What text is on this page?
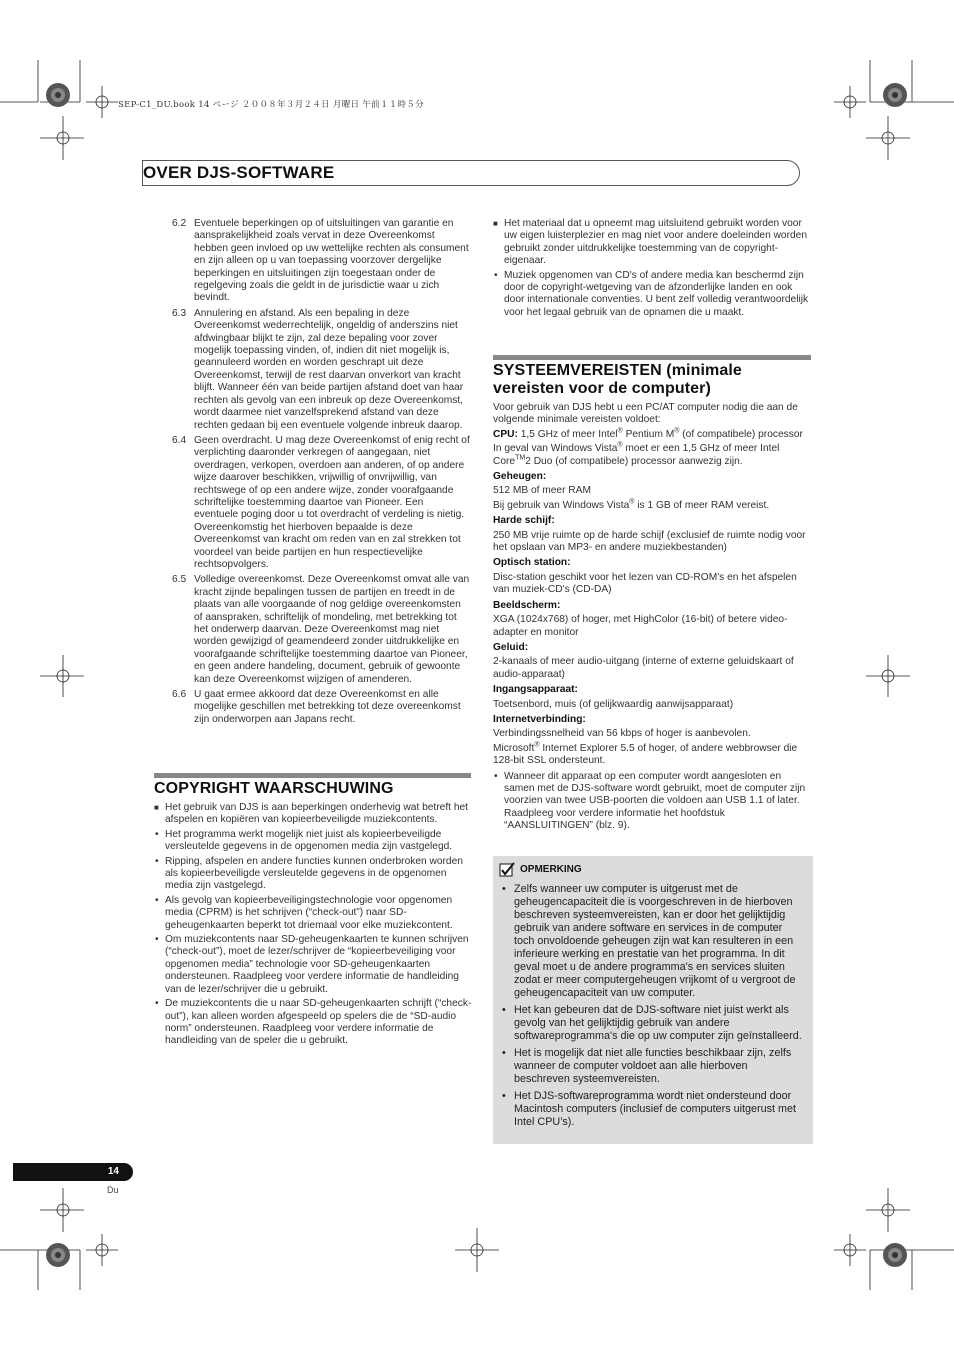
SEP-C1_DU.book 14 ページ ２００８年３月２４日 月曜日 午前１１時５分
OVER DJS-SOFTWARE
6.2 Eventuele beperkingen op of uitsluitingen van garantie en aansprakelijkheid zoals vervat in deze Overeenkomst hebben geen invloed op uw wettelijke rechten als consument en zijn alleen op u van toepassing voorzover dergelijke beperkingen en uitsluitingen zijn toegestaan onder de regelgeving zoals die geldt in de jurisdictie waar u zich bevindt.
6.3 Annulering en afstand. Als een bepaling in deze Overeenkomst wederrechtelijk, ongeldig of anderszins niet afdwingbaar blijkt te zijn, zal deze bepaling voor zover mogelijk toepassing vinden, of, indien dit niet mogelijk is, geannuleerd worden en worden geschrapt uit deze Overeenkomst, terwijl de rest daarvan onverkort van kracht blijft. Wanneer één van beide partijen afstand doet van haar rechten als gevolg van een inbreuk op deze Overeenkomst, wordt daarmee niet vanzelfsprekend afstand van deze rechten gedaan bij een eventuele volgende inbreuk daarop.
6.4 Geen overdracht. U mag deze Overeenkomst of enig recht of verplichting daaronder verkregen of aangegaan, niet overdragen, verkopen, overdoen aan anderen, of op andere wijze daarover beschikken, vrijwillig of onvrijwillig, van rechtswege of op een andere wijze, zonder voorafgaande schriftelijke toestemming daartoe van Pioneer. Een eventuele poging door u tot overdracht of verdeling is nietig. Overeenkomstig het hierboven bepaalde is deze Overeenkomst van kracht om reden van en zal strekken tot voordeel van beide partijen en hun respectievelijke rechtsopvolgers.
6.5 Volledige overeenkomst. Deze Overeenkomst omvat alle van kracht zijnde bepalingen tussen de partijen en treedt in de plaats van alle voorgaande of nog geldige overeenkomsten of aanspraken, schriftelijk of mondeling, met betrekking tot het onderwerp daarvan. Deze Overeenkomst mag niet worden gewijzigd of geamendeerd zonder uitdrukkelijke en voorafgaande schriftelijke toestemming daartoe van Pioneer, en geen andere handeling, document, gebruik of gewoonte kan deze Overeenkomst wijzigen of amenderen.
6.6 U gaat ermee akkoord dat deze Overeenkomst en alle mogelijke geschillen met betrekking tot deze overeenkomst zijn onderworpen aan Japans recht.
COPYRIGHT WAARSCHUWING
■ Het gebruik van DJS is aan beperkingen onderhevig wat betreft het afspelen en kopiëren van kopieerbeveiligde muziekcontents.
• Het programma werkt mogelijk niet juist als kopieerbeveiligde versleutelde gegevens in de opgenomen media zijn vastgelegd.
• Ripping, afspelen en andere functies kunnen onderbroken worden als kopieerbeveiligde versleutelde gegevens in de opgenomen media zijn vastgelegd.
• Als gevolg van kopieerbeveiligingstechnologie voor opgenomen media (CPRM) is het schrijven (“check-out”) naar SD-geheugenkaarten beperkt tot driemaal voor elke muziekcontent.
• Om muziekcontents naar SD-geheugenkaarten te kunnen schrijven (“check-out”), moet de lezer/schrijver de “kopieerbeveiliging voor opgenomen media” technologie voor SD-geheugenkaarten ondersteunen. Raadpleeg voor verdere informatie de handleiding van de lezer/schrijver die u gebruikt.
• De muziekcontents die u naar SD-geheugenkaarten schrijft (“check-out”), kan alleen worden afgespeeld op spelers die de “SD-audio norm” ondersteunen. Raadpleeg voor verdere informatie de handleiding van de speler die u gebruikt.
■ Het materiaal dat u opneemt mag uitsluitend gebruikt worden voor uw eigen luisterplezier en mag niet voor andere doeleinden worden gebruikt zonder uitdrukkelijke toestemming van de copyright-eigenaar.
• Muziek opgenomen van CD's of andere media kan beschermd zijn door de copyright-wetgeving van de afzonderlijke landen en ook door internationale conventies. U bent zelf volledig verantwoordelijk voor het legaal gebruik van de opnamen die u maakt.
SYSTEEMVEREISTEN (minimale
vereisten voor de computer)
Voor gebruik van DJS hebt u een PC/AT computer nodig die aan de volgende minimale vereisten voldoet:
CPU: 1,5 GHz of meer Intel® Pentium M® (of compatibele) processor
In geval van Windows Vista® moet er een 1,5 GHz of meer Intel Core™2 Duo (of compatibele) processor aanwezig zijn.
Geheugen:
512 MB of meer RAM
Bij gebruik van Windows Vista® is 1 GB of meer RAM vereist.
Harde schijf:
250 MB vrije ruimte op de harde schijf (exclusief de ruimte nodig voor het opslaan van MP3- en andere muziekbestanden)
Optisch station:
Disc-station geschikt voor het lezen van CD-ROM's en het afspelen van muziek-CD's (CD-DA)
Beeldscherm:
XGA (1024x768) of hoger, met HighColor (16-bit) of betere video-adapter en monitor
Geluid:
2-kanaals of meer audio-uitgang (interne of externe geluidskaart of audio-apparaat)
Ingangsapparaat:
Toetsenbord, muis (of gelijkwaardig aanwijsapparaat)
Internetverbinding:
Verbindingssnelheid van 56 kbps of hoger is aanbevolen.
Microsoft® Internet Explorer 5.5 of hoger, of andere webbrowser die 128-bit SSL ondersteunt.
• Wanneer dit apparaat op een computer wordt aangesloten en samen met de DJS-software wordt gebruikt, moet de computer zijn voorzien van twee USB-poorten die voldoen aan USB 1.1 of later. Raadpleeg voor verdere informatie het hoofdstuk “AANSLUITINGEN” (blz. 9).
OPMERKING
• Zelfs wanneer uw computer is uitgerust met de geheugencapaciteit die is voorgeschreven in de hierboven beschreven systeemvereisten, kan er door het gelijktijdig gebruik van andere software en services in de computer toch onvoldoende geheugen zijn wat kan resulteren in een inferieure werking en prestatie van het programma. In dit geval moet u de andere programma's en services sluiten zodat er meer computergeheugen vrijkomt of u vergroot de geheugencapaciteit van uw computer.
• Het kan gebeuren dat de DJS-software niet juist werkt als gevolg van het gelijktijdig gebruik van andere softwareprogramma's die op uw computer zijn geïnstalleerd.
• Het is mogelijk dat niet alle functies beschikbaar zijn, zelfs wanneer de computer voldoet aan alle hierboven beschreven systeemvereisten.
• Het DJS-softwareprogramma wordt niet ondersteund door Macintosh computers (inclusief de computers uitgerust met Intel CPU’s).
14
Du
